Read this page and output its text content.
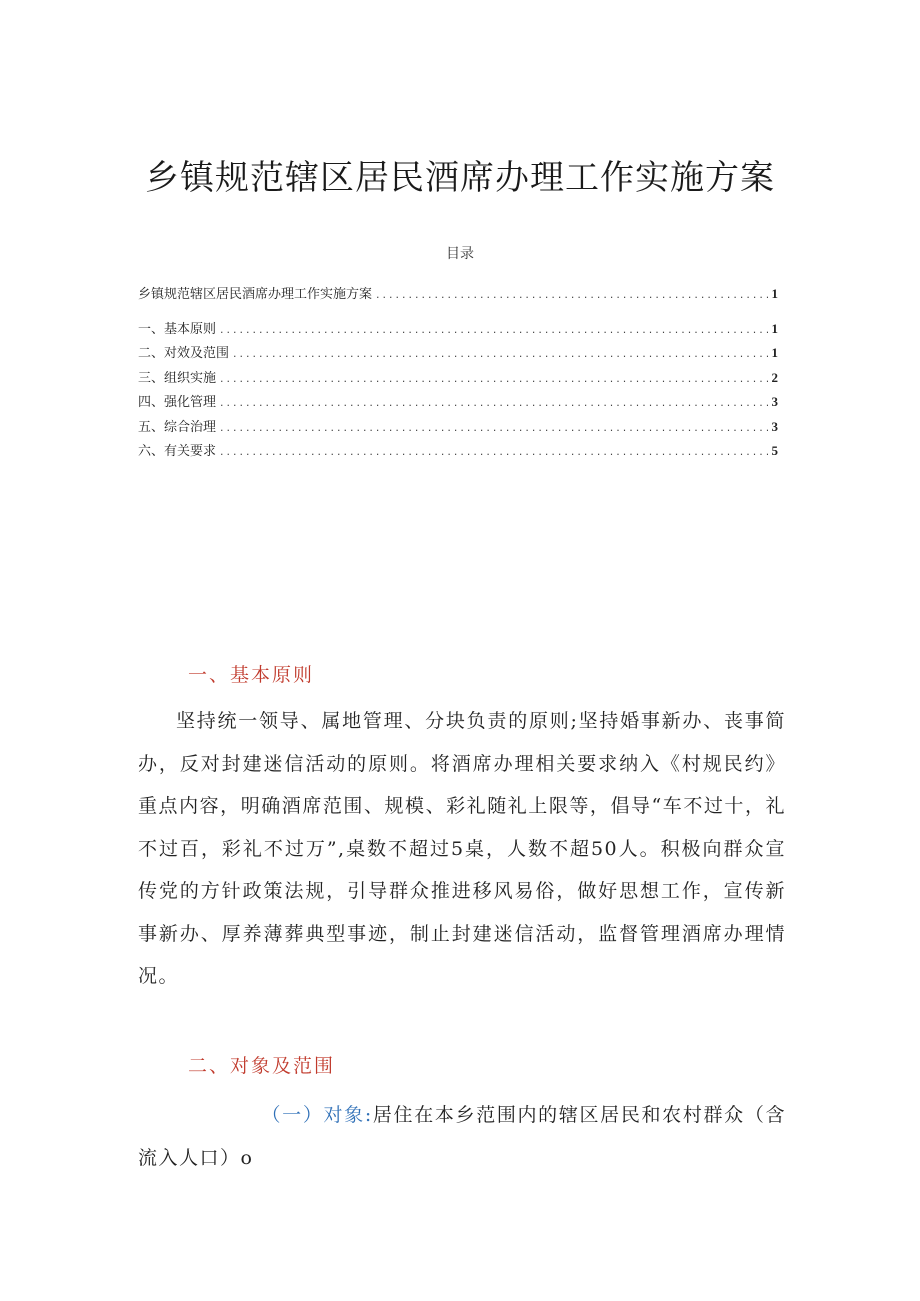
乡镇规范辖区居民酒席办理工作实施方案
目录
乡镇规范辖区居民酒席办理工作实施方案 .....	1
一、基本原则 .....	1
二、对效及范围 .....	1
三、组织实施 .....	2
四、强化管理 .....	3
五、综合治理 .....	3
六、有关要求 .....	5
一、基本原则
坚持统一领导、属地管理、分块负责的原则;坚持婚事新办、丧事简办，反对封建迷信活动的原则。将酒席办理相关要求纳入《村规民约》重点内容，明确酒席范围、规模、彩礼随礼上限等，倡导“车不过十，礼不过百，彩礼不过万”,桌数不超过5桌，人数不超50人。积极向群众宣传党的方针政策法规，引导群众推进移风易俗，做好思想工作，宣传新事新办、厚养薄葬典型事迹，制止封建迷信活动，监督管理酒席办理情况。
二、对象及范围
（一）对象:居住在本乡范围内的辖区居民和农村群众（含流入人口）o
